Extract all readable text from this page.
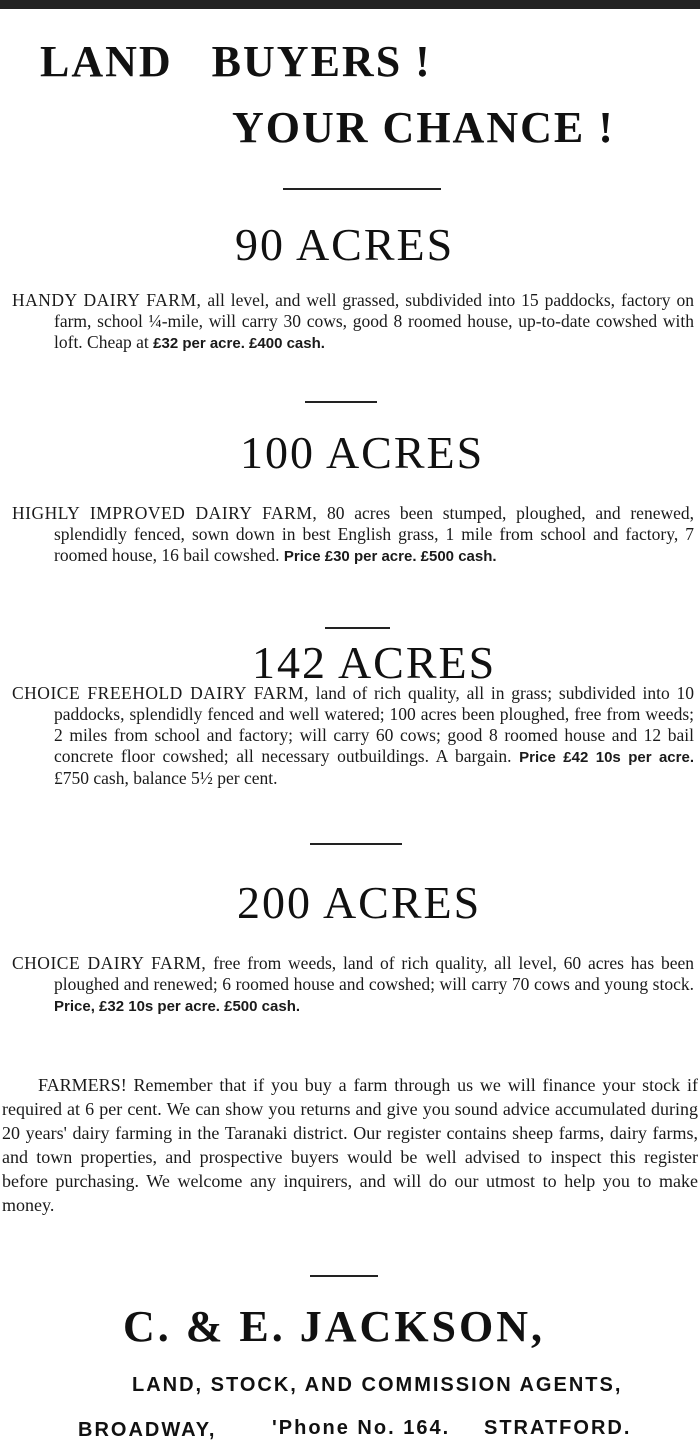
LAND   BUYERS !
YOUR CHANCE !
90 ACRES
HANDY DAIRY FARM, all level, and well grassed, subdivided into 15 paddocks, factory on farm, school ¼-mile, will carry 30 cows, good 8 roomed house, up-to-date cowshed with loft. Cheap at £32 per acre. £400 cash.
100 ACRES
HIGHLY IMPROVED DAIRY FARM, 80 acres been stumped, ploughed, and renewed, splendidly fenced, sown down in best English grass, 1 mile from school and factory, 7 roomed house, 16 bail cowshed. Price £30 per acre. £500 cash.
142 ACRES
CHOICE FREEHOLD DAIRY FARM, land of rich quality, all in grass; subdivided into 10 paddocks, splendidly fenced and well watered; 100 acres been ploughed, free from weeds; 2 miles from school and factory; will carry 60 cows; good 8 roomed house and 12 bail concrete floor cowshed; all necessary outbuildings. A bargain. Price £42 10s per acre. £750 cash, balance 5½ per cent.
200 ACRES
CHOICE DAIRY FARM, free from weeds, land of rich quality, all level, 60 acres has been ploughed and renewed; 6 roomed house and cowshed; will carry 70 cows and young stock. Price, £32 10s per acre. £500 cash.
FARMERS! Remember that if you buy a farm through us we will finance your stock if required at 6 per cent. We can show you returns and give you sound advice accumulated during 20 years' dairy farming in the Taranaki district. Our register contains sheep farms, dairy farms, and town properties, and prospective buyers would be well advised to inspect this register before purchasing. We welcome any inquirers, and will do our utmost to help you to make money.
C. & E. JACKSON,
LAND, STOCK, AND COMMISSION AGENTS,
BROADWAY,	'Phone No. 164. STRATFORD.
